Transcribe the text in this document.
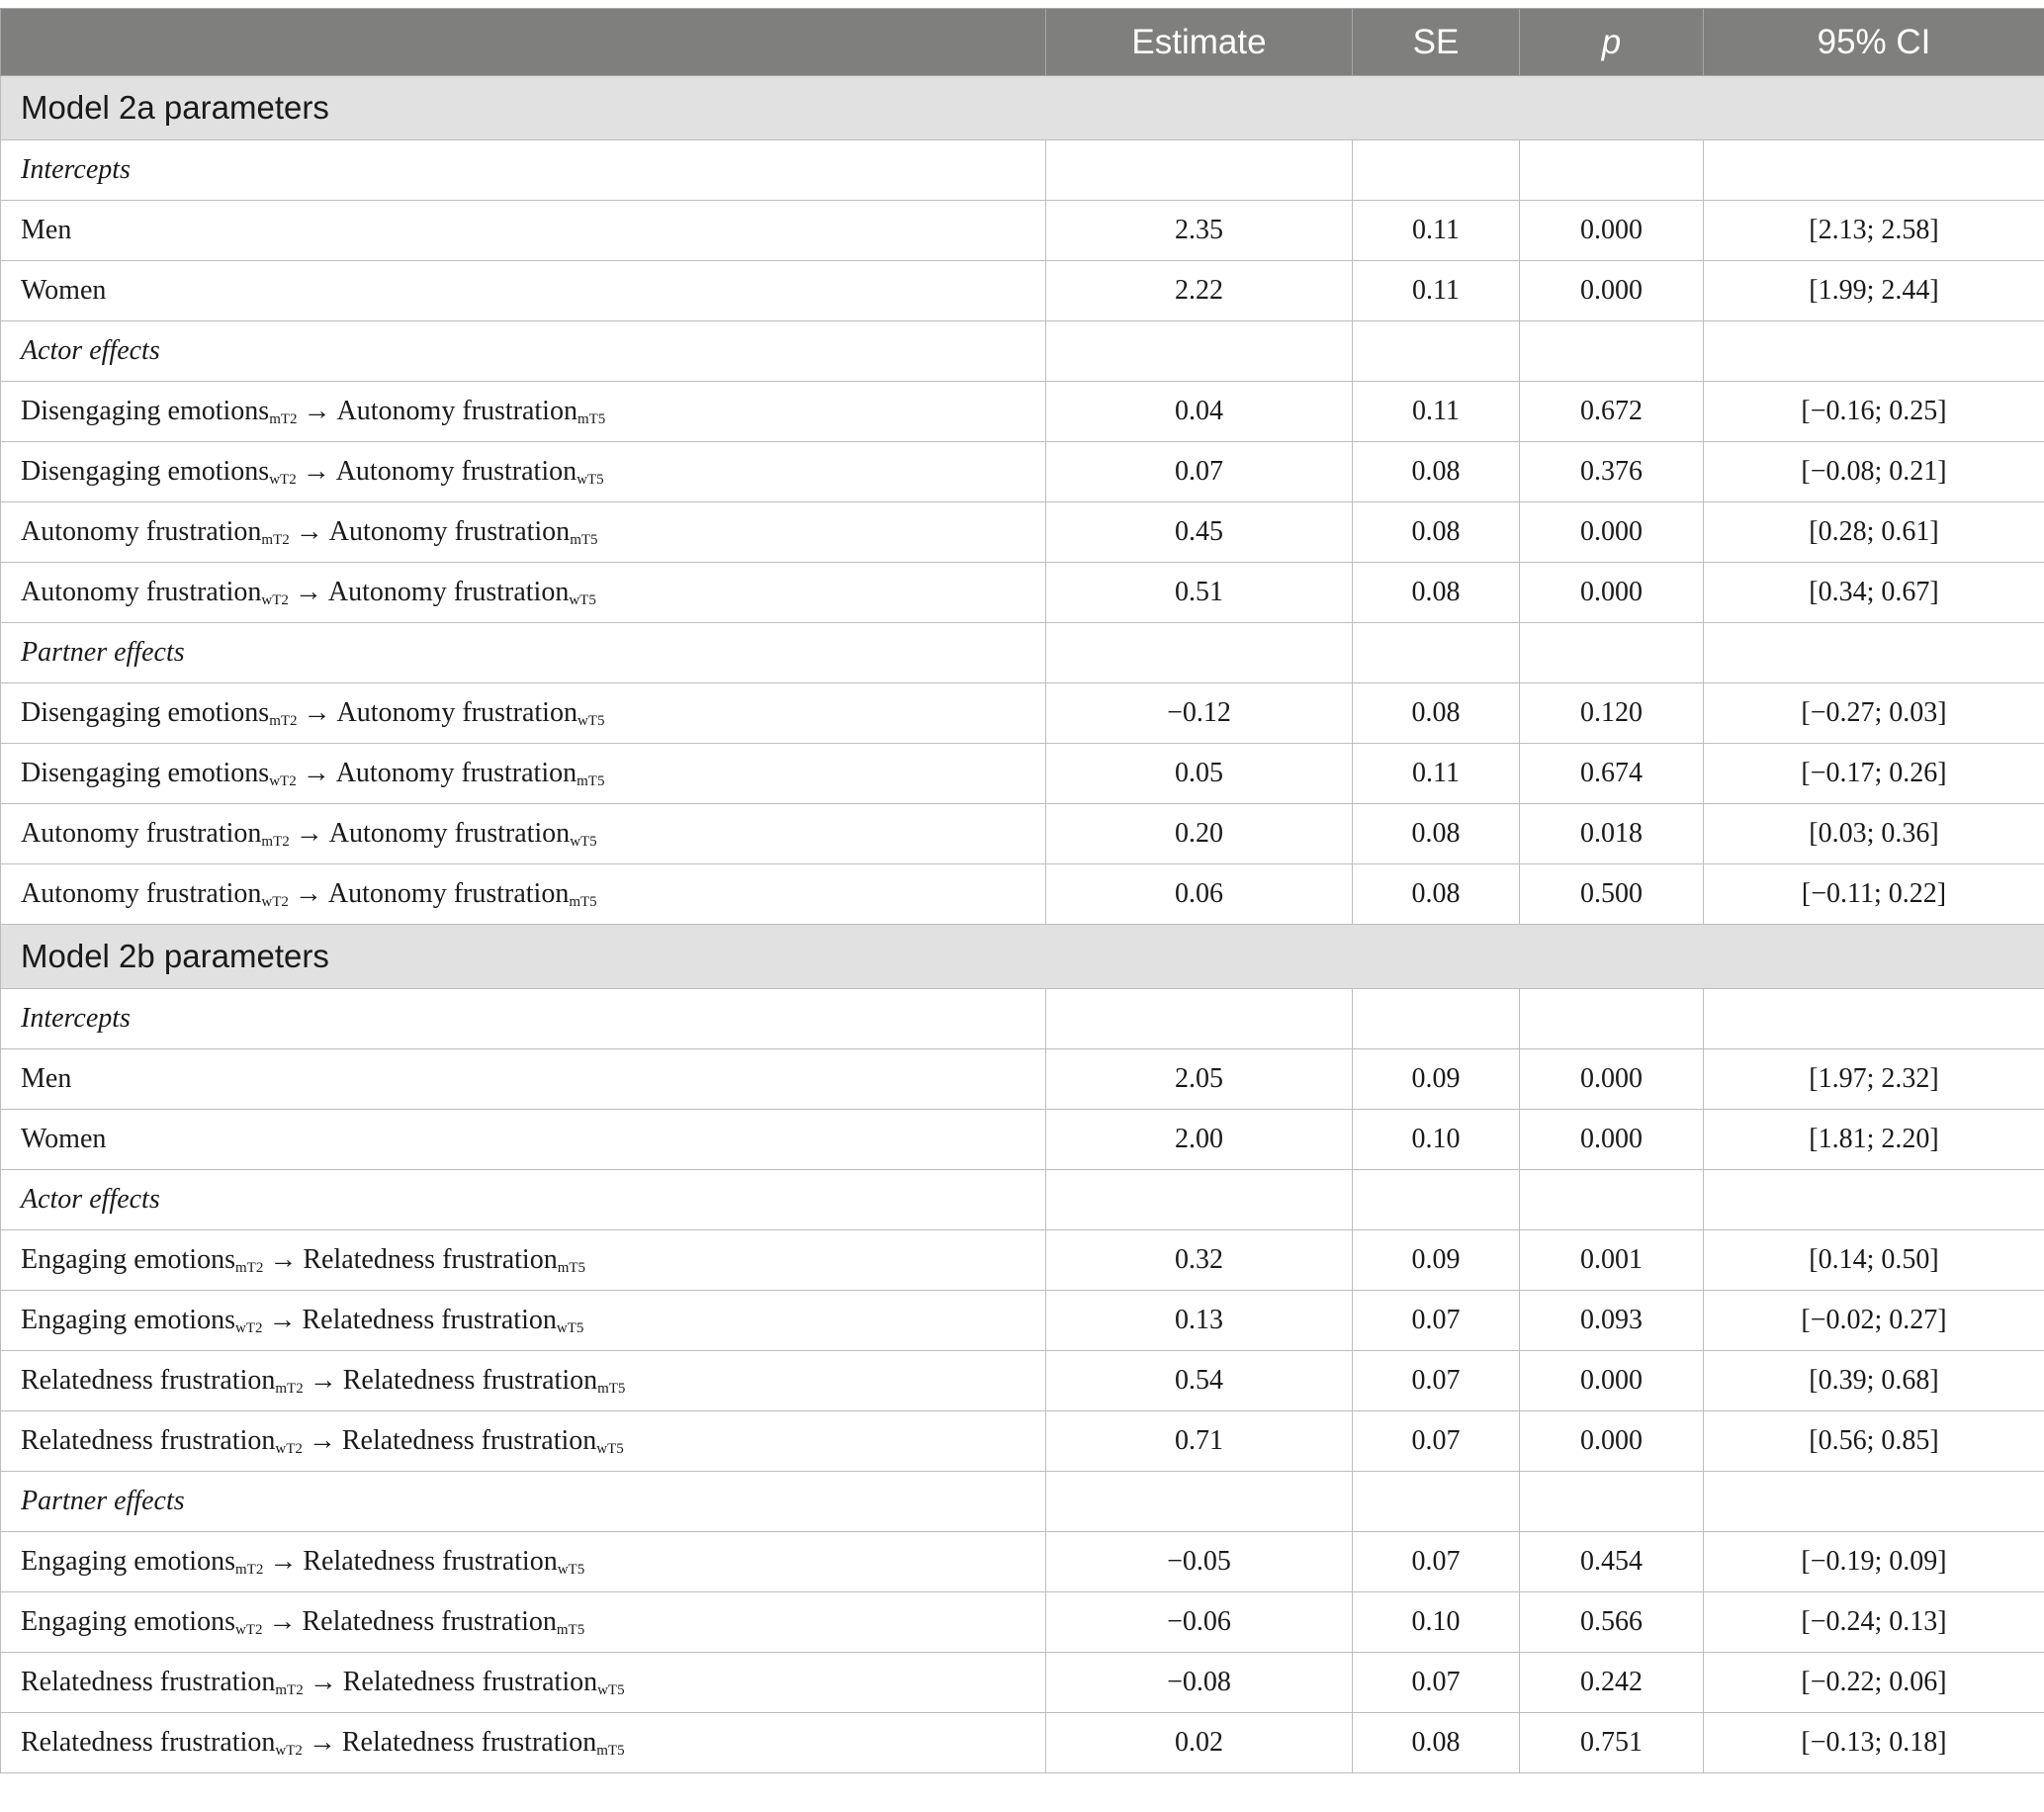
	Estimate	SE	p	95% CI
Model 2a parameters				
Intercepts				
Men	2.35	0.11	0.000	[2.13; 2.58]
Women	2.22	0.11	0.000	[1.99; 2.44]
Actor effects				
Disengaging emotions$_{mT2}$ → Autonomy frustration$_{mT5}$	0.04	0.11	0.672	[−0.16; 0.25]
Disengaging emotions$_{wT2}$ → Autonomy frustration$_{wT5}$	0.07	0.08	0.376	[−0.08; 0.21]
Autonomy frustration$_{mT2}$ → Autonomy frustration$_{mT5}$	0.45	0.08	0.000	[0.28; 0.61]
Autonomy frustration$_{wT2}$ → Autonomy frustration$_{wT5}$	0.51	0.08	0.000	[0.34; 0.67]
Partner effects				
Disengaging emotions$_{mT2}$ → Autonomy frustration$_{wT5}$	−0.12	0.08	0.120	[−0.27; 0.03]
Disengaging emotions$_{wT2}$ → Autonomy frustration$_{mT5}$	0.05	0.11	0.674	[−0.17; 0.26]
Autonomy frustration$_{mT2}$ → Autonomy frustration$_{wT5}$	0.20	0.08	0.018	[0.03; 0.36]
Autonomy frustration$_{wT2}$ → Autonomy frustration$_{mT5}$	0.06	0.08	0.500	[−0.11; 0.22]
Model 2b parameters				
Intercepts				
Men	2.05	0.09	0.000	[1.97; 2.32]
Women	2.00	0.10	0.000	[1.81; 2.20]
Actor effects				
Engaging emotions$_{mT2}$ → Relatedness frustration$_{mT5}$	0.32	0.09	0.001	[0.14; 0.50]
Engaging emotions$_{wT2}$ → Relatedness frustration$_{wT5}$	0.13	0.07	0.093	[−0.02; 0.27]
Relatedness frustration$_{mT2}$ → Relatedness frustration$_{mT5}$	0.54	0.07	0.000	[0.39; 0.68]
Relatedness frustration$_{wT2}$ → Relatedness frustration$_{wT5}$	0.71	0.07	0.000	[0.56; 0.85]
Partner effects				
Engaging emotions$_{mT2}$ → Relatedness frustration$_{wT5}$	−0.05	0.07	0.454	[−0.19; 0.09]
Engaging emotions$_{wT2}$ → Relatedness frustration$_{mT5}$	−0.06	0.10	0.566	[−0.24; 0.13]
Relatedness frustration$_{mT2}$ → Relatedness frustration$_{wT5}$	−0.08	0.07	0.242	[−0.22; 0.06]
Relatedness frustration$_{wT2}$ → Relatedness frustration$_{mT5}$	0.02	0.08	0.751	[−0.13; 0.18]
